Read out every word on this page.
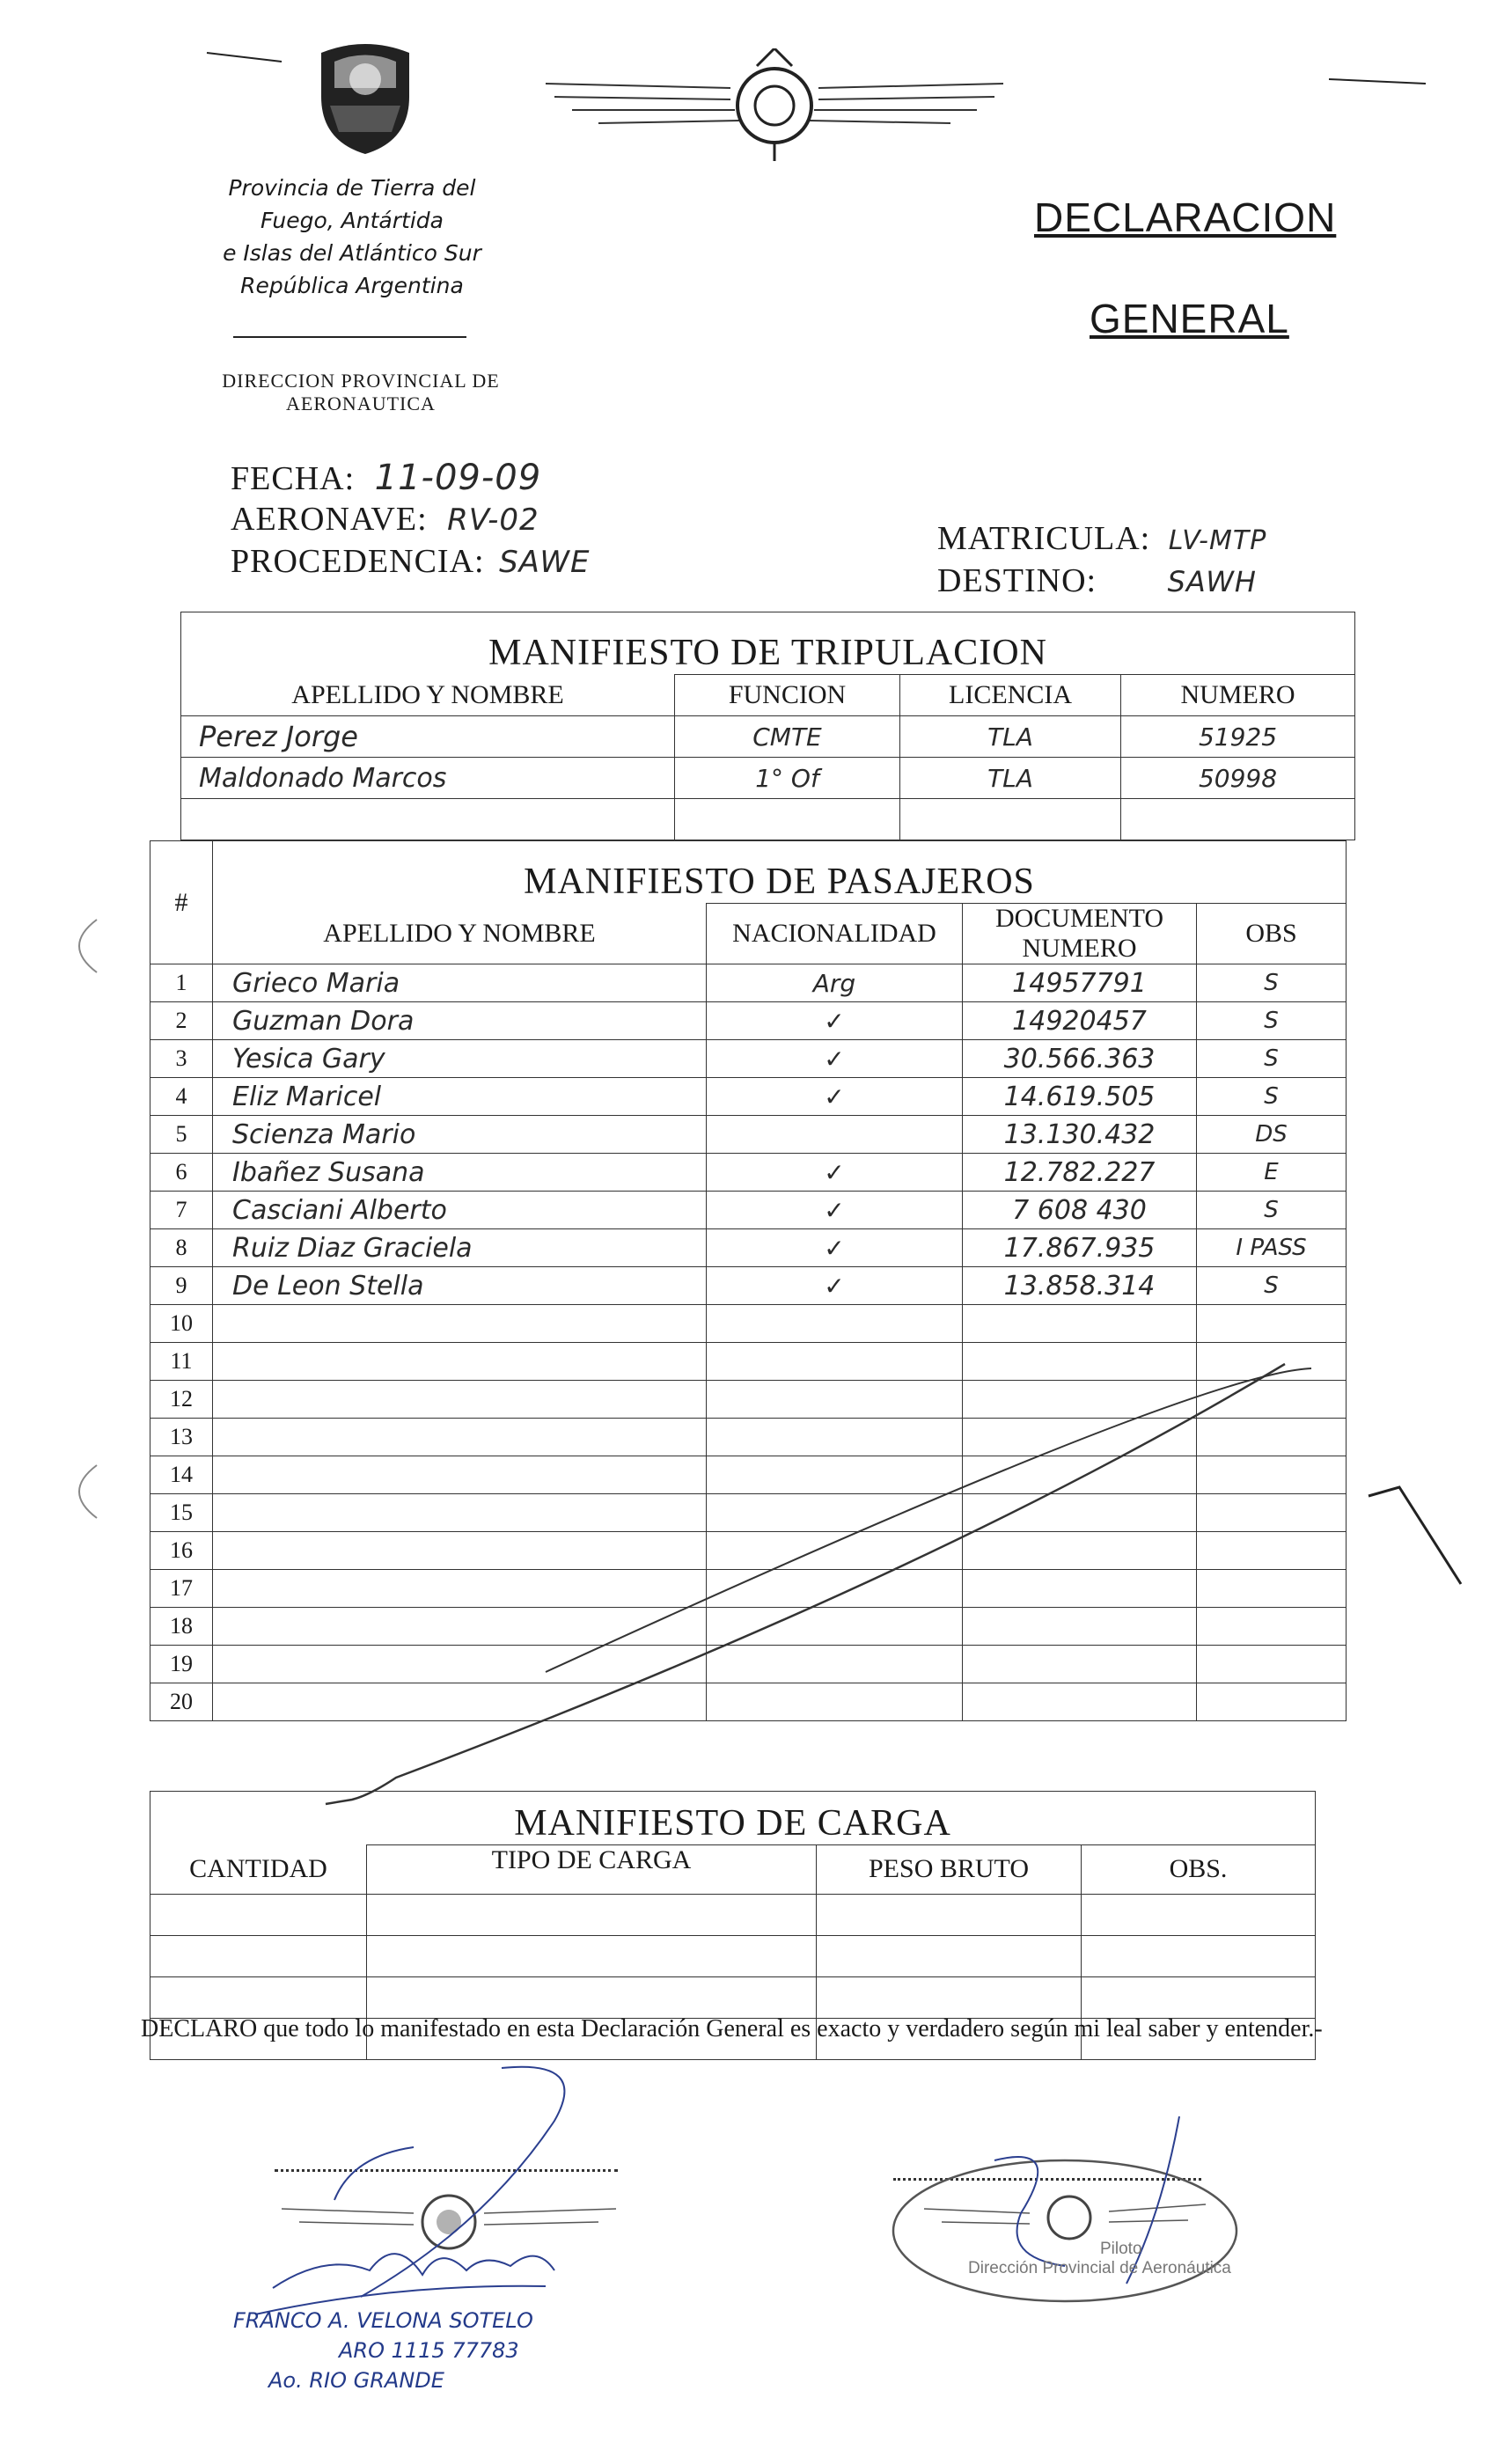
Provincia de Tierra del
Fuego, Antártida
e Islas del Atlántico Sur
República Argentina
DIRECCION PROVINCIAL DE
AERONAUTICA
DECLARACION
GENERAL
FECHA: 11-09-09
AERONAVE: RV-02
PROCEDENCIA: SAWE
MATRICULA: LV-MTP
DESTINO:	SAWH
MANIFIESTO DE TRIPULACION			
APELLIDO Y NOMBRE	FUNCION	LICENCIA	NUMERO
Perez Jorge	CMTE	TLA	51925
Maldonado Marcos	1° Of	TLA	50998

#	MANIFIESTO DE PASAJEROS			
	APELLIDO Y NOMBRE	NACIONALIDAD	DOCUMENTO NUMERO	OBS
1	Grieco Maria	Arg	14957791	S
2	Guzman Dora	✓	14920457	S
3	Yesica Gary	✓	30.566.363	S
4	Eliz Maricel	✓	14.619.505	S
5	Scienza Mario		13.130.432	DS
6	Ibañez Susana	✓	12.782.227	E
7	Casciani Alberto	✓	7 608 430	S
8	Ruiz Diaz Graciela	✓	17.867.935	I PASS
9	De Leon Stella	✓	13.858.314	S
10				
11				
12				
13				
14				
15				
16				
17				
18				
19				
20				
MANIFIESTO DE CARGA			
CANTIDAD	TIPO DE CARGA	PESO BRUTO	OBS.

DECLARO que todo lo manifestado en esta Declaración General es exacto y verdadero según mi leal saber y entender.-
FRANCO A. VELONA SOTELO
ARO 1115 77783
Ao. RIO GRANDE
Piloto
Dirección Provincial de Aeronáutica
